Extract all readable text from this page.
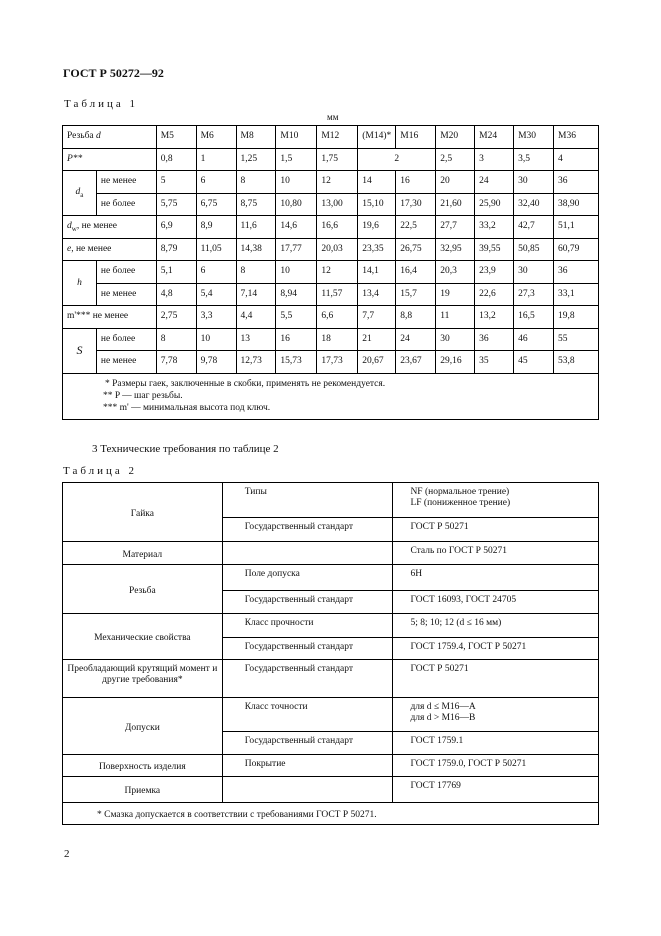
ГОСТ Р 50272—92
Таблица 1
мм
Резьба d		M5	M6	M8	M10	M12	(M14)*	M16	M20	M24	M30	M36
P**		0,8	1	1,25	1,5	1,75	2		2,5	3	3,5	4
$d_a$	не менее	5	6	8	10	12	14	16	20	24	30	36
	не более	5,75	6,75	8,75	10,80	13,00	15,10	17,30	21,60	25,90	32,40	38,90
$d_w$, не менее		6,9	8,9	11,6	14,6	16,6	19,6	22,5	27,7	33,2	42,7	51,1
e, не менее		8,79	11,05	14,38	17,77	20,03	23,35	26,75	32,95	39,55	50,85	60,79
h	не более	5,1	6	8	10	12	14,1	16,4	20,3	23,9	30	36
	не менее	4,8	5,4	7,14	8,94	11,57	13,4	15,7	19	22,6	27,3	33,1
m'*** не менее		2,75	3,3	4,4	5,5	6,6	7,7	8,8	11	13,2	16,5	19,8
S	не более	8	10	13	16	18	21	24	30	36	46	55
	не менее	7,78	9,78	12,73	15,73	17,73	20,67	23,67	29,16	35	45	53,8

* Размеры гаек, заключенные в скобки, применять не рекомендуется.
** P — шаг резьбы.
*** m' — минимальная высота под ключ.												
3 Технические требования по таблице 2
Таблица 2
Гайка	Типы	NF (нормальное трение)
LF (пониженное трение)
	Государственный стандарт	ГОСТ Р 50271
Материал		Сталь по ГОСТ Р 50271
Резьба	Поле допуска	6H
	Государственный стандарт	ГОСТ 16093, ГОСТ 24705
Механические свойства	Класс прочности	5; 8; 10; 12 (d ≤ 16 мм)
	Государственный стандарт	ГОСТ 1759.4, ГОСТ Р 50271
Преобладающий крутящий момент и другие требования*	Государственный стандарт	ГОСТ Р 50271
Допуски	Класс точности	для d ≤ M16—A
для d > M16—B
	Государственный стандарт	ГОСТ 1759.1
Поверхность изделия	Покрытие	ГОСТ 1759.0, ГОСТ Р 50271
Приемка		ГОСТ 17769
* Смазка допускается в соответствии с требованиями ГОСТ Р 50271.		
2
